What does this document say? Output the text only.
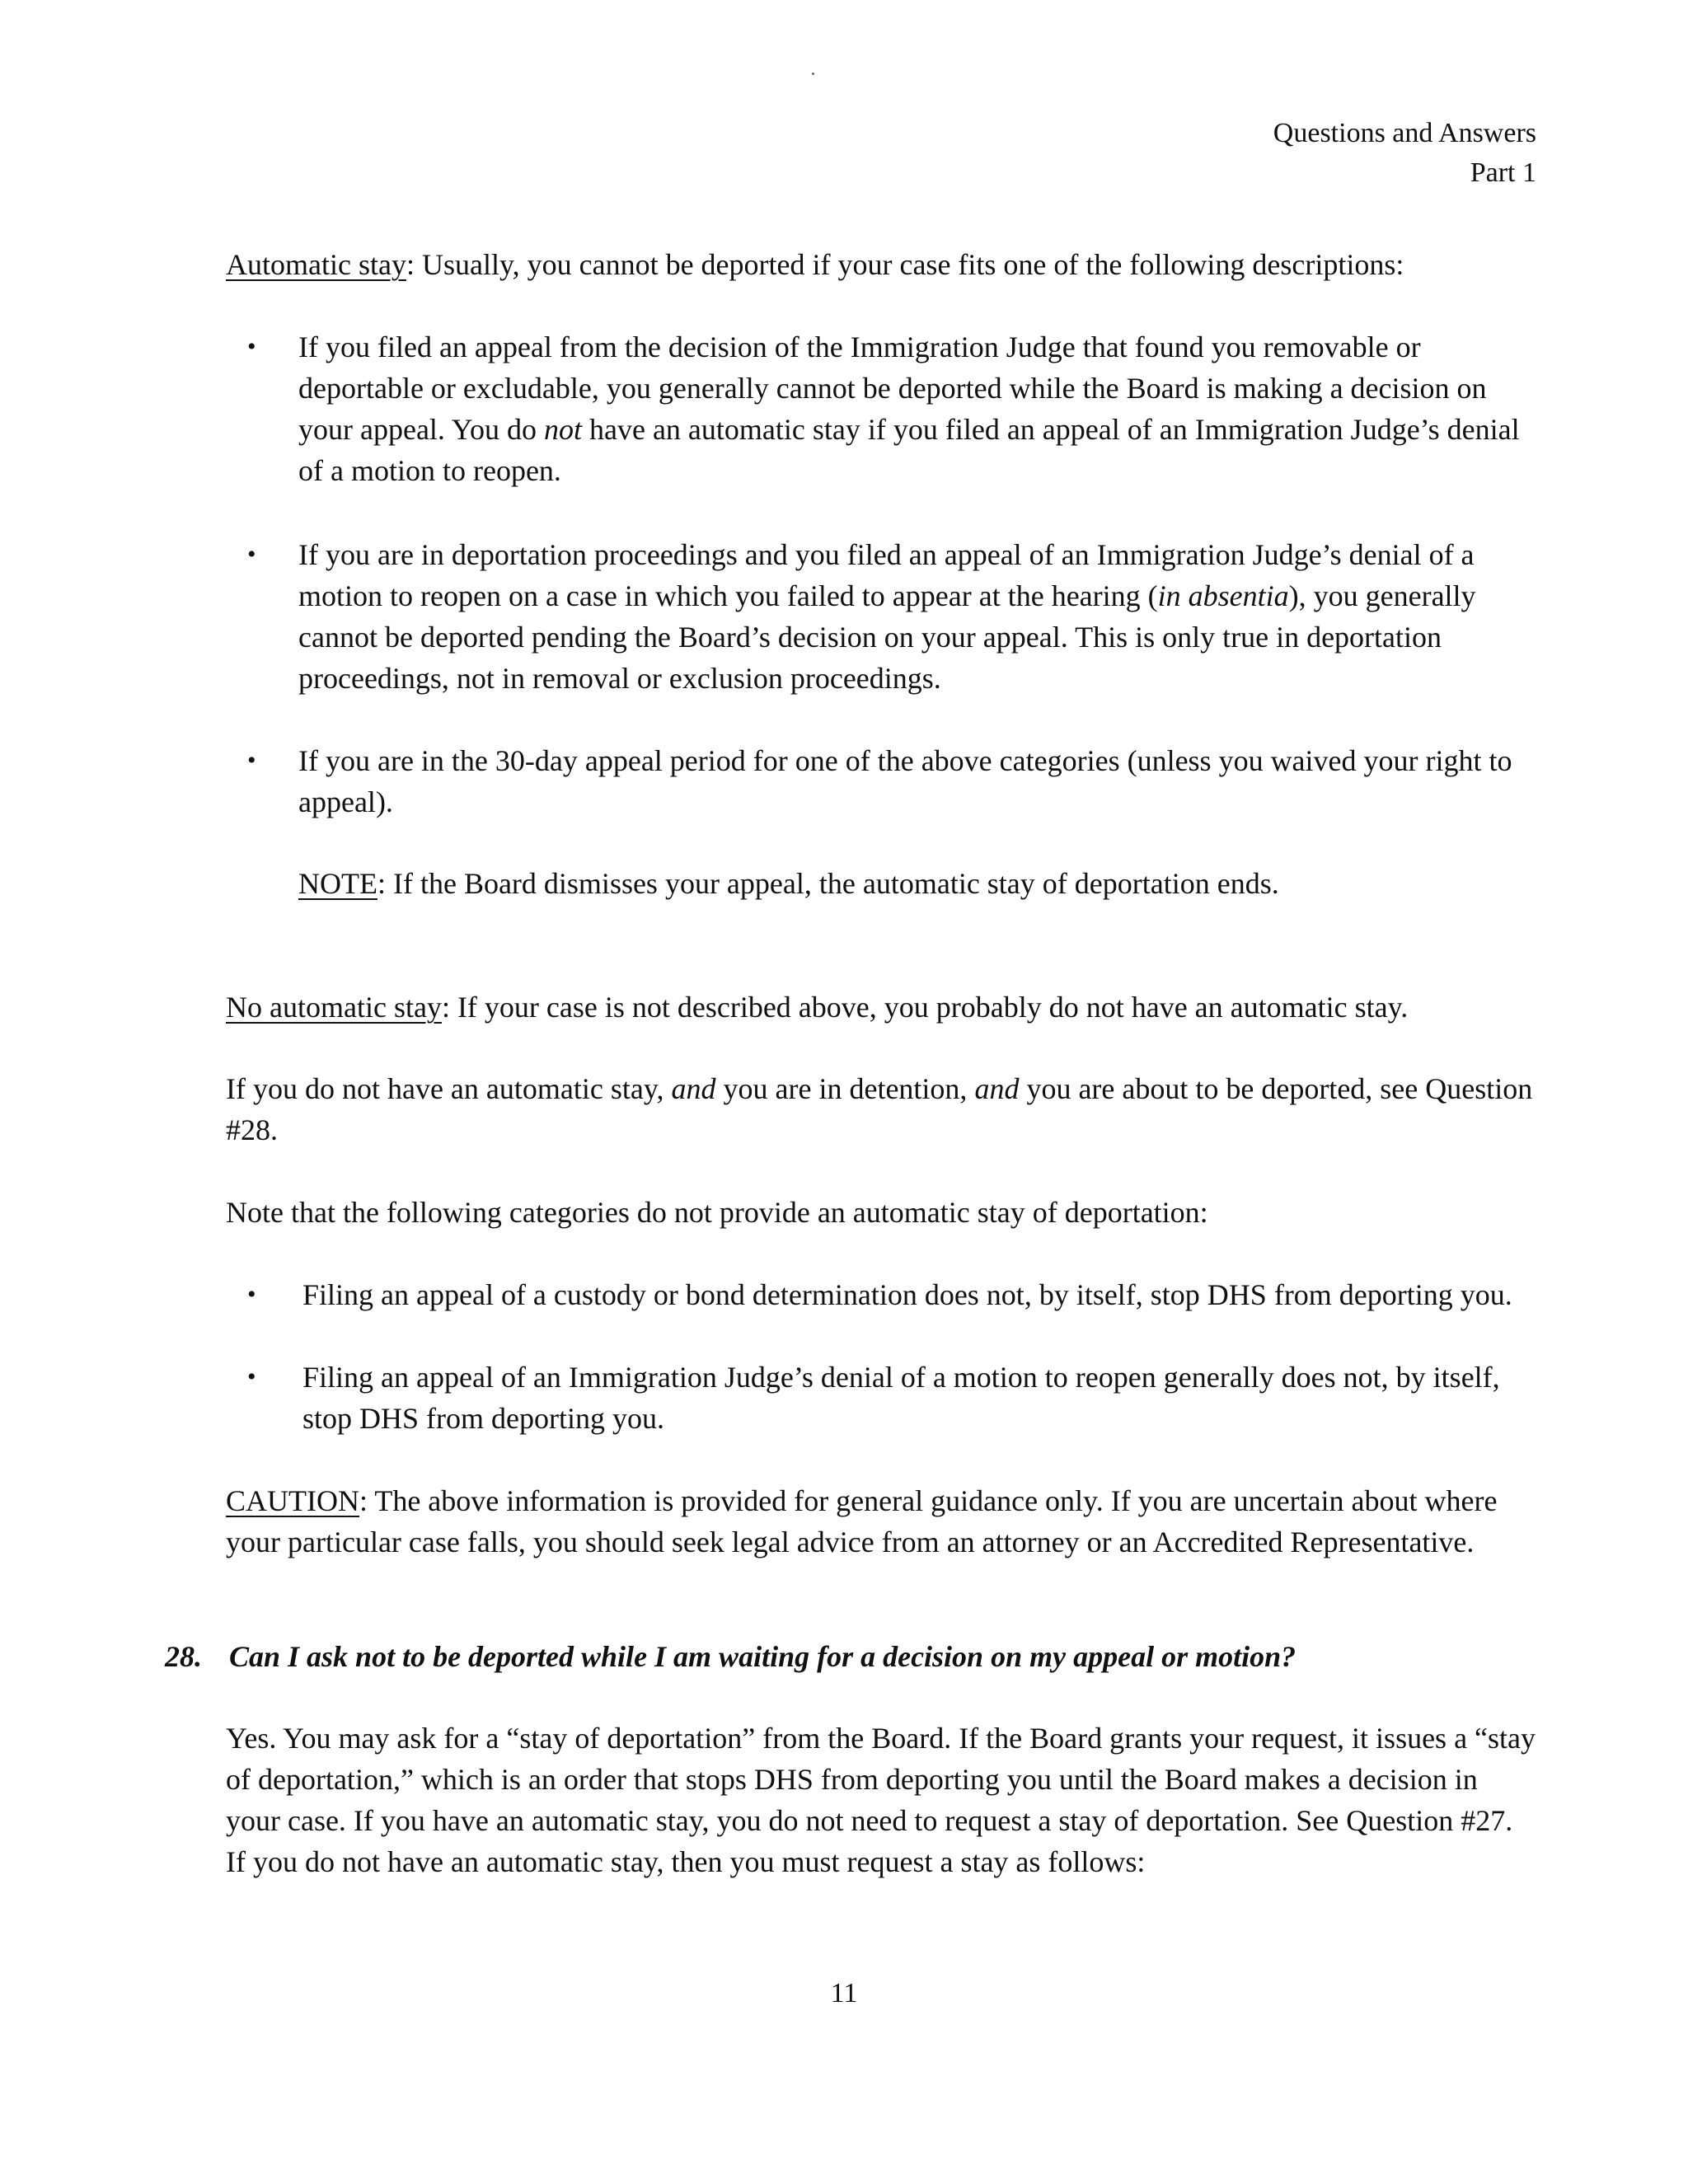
Questions and Answers
Part 1

Automatic stay: Usually, you cannot be deported if your case fits one of the following descriptions:

•	If you filed an appeal from the decision of the Immigration Judge that found you removable or deportable or excludable, you generally cannot be deported while the Board is making a decision on your appeal. You do not have an automatic stay if you filed an appeal of an Immigration Judge’s denial of a motion to reopen.

•	If you are in deportation proceedings and you filed an appeal of an Immigration Judge’s denial of a motion to reopen on a case in which you failed to appear at the hearing (in absentia), you generally cannot be deported pending the Board’s decision on your appeal. This is only true in deportation proceedings, not in removal or exclusion proceedings.

•	If you are in the 30-day appeal period for one of the above categories (unless you waived your right to appeal).

NOTE: If the Board dismisses your appeal, the automatic stay of deportation ends.

No automatic stay: If your case is not described above, you probably do not have an automatic stay.

If you do not have an automatic stay, and you are in detention, and you are about to be deported, see Question #28.

Note that the following categories do not provide an automatic stay of deportation:

•	Filing an appeal of a custody or bond determination does not, by itself, stop DHS from deporting you.

•	Filing an appeal of an Immigration Judge’s denial of a motion to reopen generally does not, by itself, stop DHS from deporting you.

CAUTION: The above information is provided for general guidance only. If you are uncertain about where your particular case falls, you should seek legal advice from an attorney or an Accredited Representative.

28. Can I ask not to be deported while I am waiting for a decision on my appeal or motion?

Yes. You may ask for a “stay of deportation” from the Board. If the Board grants your request, it issues a “stay of deportation,” which is an order that stops DHS from deporting you until the Board makes a decision in your case. If you have an automatic stay, you do not need to request a stay of deportation. See Question #27. If you do not have an automatic stay, then you must request a stay as follows:

11
